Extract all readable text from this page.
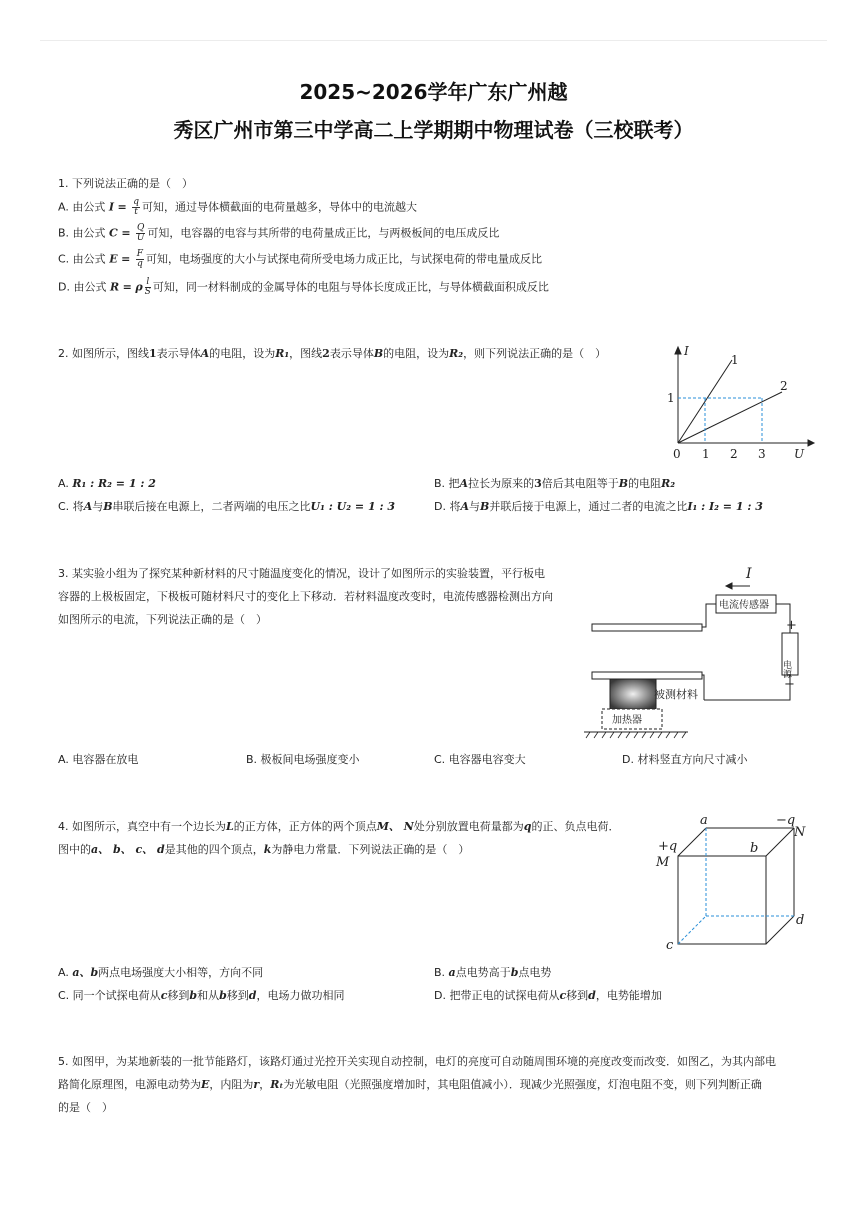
2025~2026学年广东广州越
秀区广州市第三中学高二上学期期中物理试卷（三校联考）
1. 下列说法正确的是（　）
A. 由公式 $I = \frac{q}{t}$ 可知，通过导体横截面的电荷量越多，导体中的电流越大
B. 由公式 $C = \frac{Q}{U}$ 可知，电容器的电容与其所带的电荷量成正比，与两极板间的电压成反比
C. 由公式 $E = \frac{F}{q}$ 可知，电场强度的大小与试探电荷所受电场力成正比，与试探电荷的带电量成反比
D. 由公式 R = ρ $\frac{l}{S}$ 可知，同一材料制成的金属导体的电阻与导体长度成正比，与导体横截面积成反比
2. 如图所示，图线1表示导体A的电阻，设为R₁，图线2表示导体B的电阻，设为R₂，则下列说法正确的是（　）	I
U
0
1
1 2 3
1
2
A. R₁ : R₂ = 1 : 2	B. 把A拉长为原来的3倍后其电阻等于B的电阻R₂
C. 将A与B串联后接在电源上，二者两端的电压之比U₁ : U₂ = 1 : 3	D. 将A与B并联后接于电源上，通过二者的电流之比I₁ : I₂ = 1 : 3
3. 某实验小组为了探究某种新材料的尺寸随温度变化的情况，设计了如图所示的实验装置，平行板电
容器的上极板固定，下极板可随材料尺寸的变化上下移动．若材料温度改变时，电流传感器检测出方向
如图所示的电流，下列说法正确的是（　）
I
电流传感器
电源
+
−
被测材料
加热器
A. 电容器在放电	B. 极板间电场强度变小	C. 电容器电容变大	D. 材料竖直方向尺寸减小
4. 如图所示，真空中有一个边长为L的正方体，正方体的两个顶点M、 N处分别放置电荷量都为q的正、负点电荷．
图中的a、 b、 c、 d是其他的四个顶点，k为静电力常量．下列说法正确的是（　）
a
b
c
d
M
N
+q
−q
A. a、b两点电场强度大小相等，方向不同	B. a点电势高于b点电势
C. 同一个试探电荷从c移到b和从b移到d，电场力做功相同	D. 把带正电的试探电荷从c移到d，电势能增加
5. 如图甲，为某地新装的一批节能路灯，该路灯通过光控开关实现自动控制，电灯的亮度可自动随周围环境的亮度改变而改变．如图乙，为其内部电
路简化原理图，电源电动势为E，内阻为r，Rₜ为光敏电阻（光照强度增加时，其电阻值减小）．现减少光照强度，灯泡电阻不变，则下列判断正确
的是（　）
